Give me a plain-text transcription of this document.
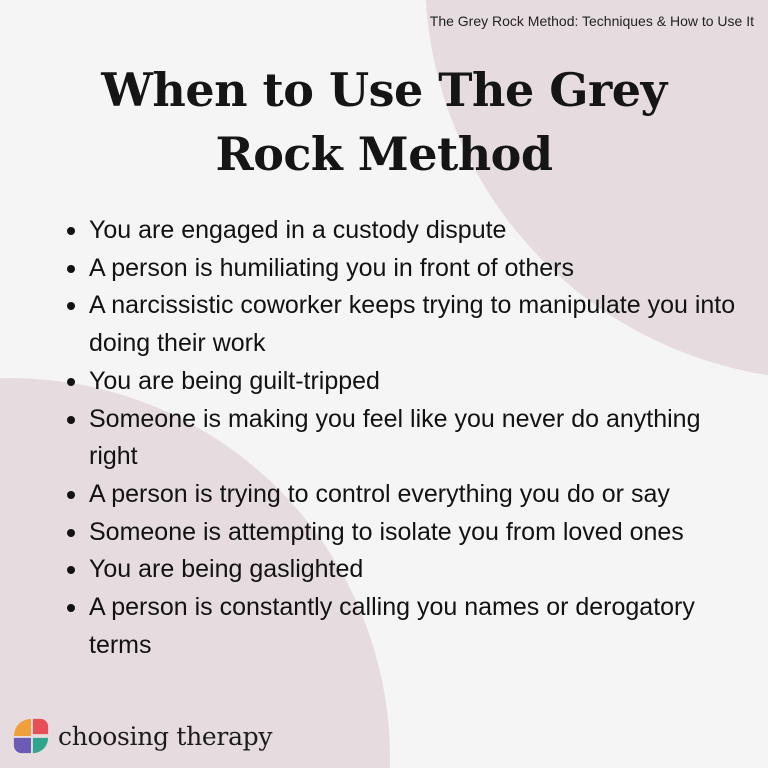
The Grey Rock Method: Techniques & How to Use It
When to Use The Grey
Rock Method
You are engaged in a custody dispute
A person is humiliating you in front of others
A narcissistic coworker keeps trying to manipulate you into doing their work
You are being guilt-tripped
Someone is making you feel like you never do anything right
A person is trying to control everything you do or say
Someone is attempting to isolate you from loved ones
You are being gaslighted
A person is constantly calling you names or derogatory terms
choosing therapy
